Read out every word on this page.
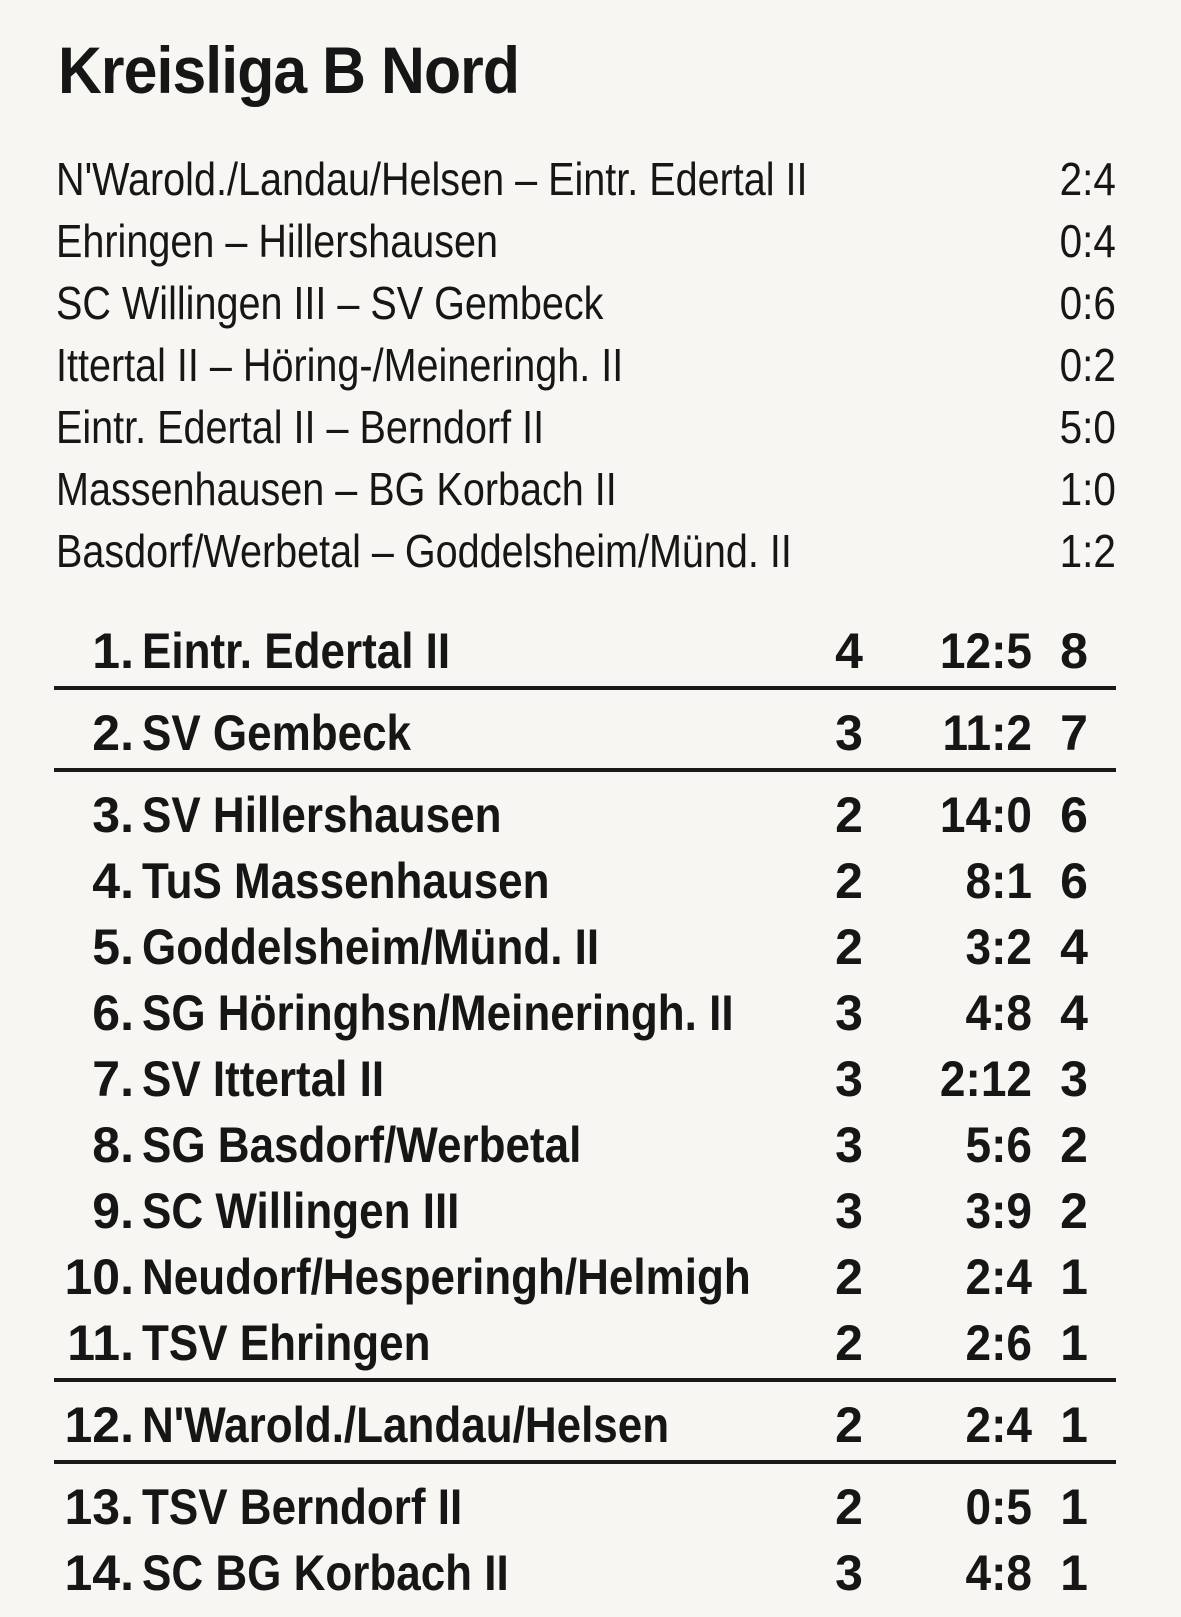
Kreisliga B Nord
N'Warold./Landau/Helsen – Eintr. Edertal II	2:4
Ehringen – Hillershausen	0:4
SC Willingen III – SV Gembeck	0:6
Ittertal II – Höring-/Meineringh. II	0:2
Eintr. Edertal II – Berndorf II	5:0
Massenhausen – BG Korbach II	1:0
Basdorf/Werbetal – Goddelsheim/Münd. II	1:2
1. Eintr. Edertal II	4	12:5 8
2. SV Gembeck	3	11:2 7
3. SV Hillershausen	2	14:0 6
4. TuS Massenhausen	2	8:1 6
5. Goddelsheim/Münd. II	2	3:2 4
6. SG Höringhsn/Meineringh. II 3	4:8 4
7. SV Ittertal II	3	2:12 3
8. SG Basdorf/Werbetal	3	5:6 2
9. SC Willingen III	3	3:9 2
10. Neudorf/Hesperingh/Helmigh 2	2:4 1
11. TSV Ehringen	2	2:6 1
12. N'Warold./Landau/Helsen	2	2:4 1
13. TSV Berndorf II	2	0:5 1
14. SC BG Korbach II	3	4:8 1
